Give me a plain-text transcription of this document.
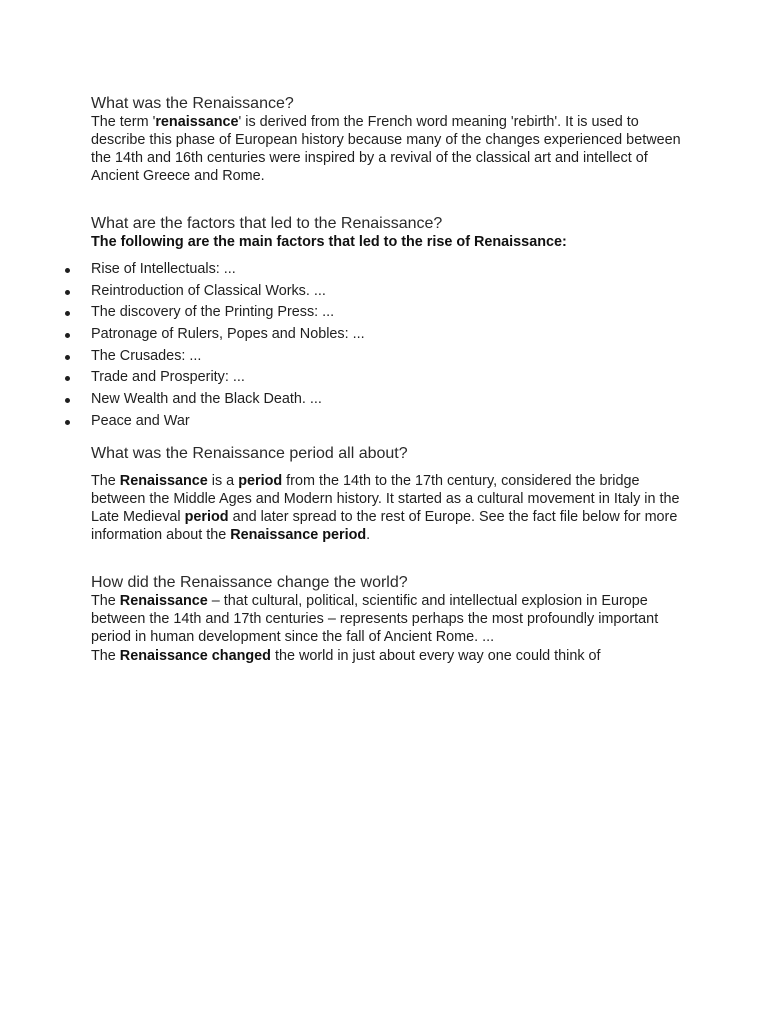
What was the Renaissance?

The term 'renaissance' is derived from the French word meaning 'rebirth'. It is used to describe this phase of European history because many of the changes experienced between the 14th and 16th centuries were inspired by a revival of the classical art and intellect of Ancient Greece and Rome.

What are the factors that led to the Renaissance?
The following are the main factors that led to the rise of Renaissance:
Rise of Intellectuals: ...
Reintroduction of Classical Works. ...
The discovery of the Printing Press: ...
Patronage of Rulers, Popes and Nobles: ...
The Crusades: ...
Trade and Prosperity: ...
New Wealth and the Black Death. ...
Peace and War
What was the Renaissance period all about?

The Renaissance is a period from the 14th to the 17th century, considered the bridge between the Middle Ages and Modern history. It started as a cultural movement in Italy in the Late Medieval period and later spread to the rest of Europe. See the fact file below for more information about the Renaissance period.

How did the Renaissance change the world?

The Renaissance – that cultural, political, scientific and intellectual explosion in Europe between the 14th and 17th centuries – represents perhaps the most profoundly important period in human development since the fall of Ancient Rome. ...

The Renaissance changed the world in just about every way one could think of
